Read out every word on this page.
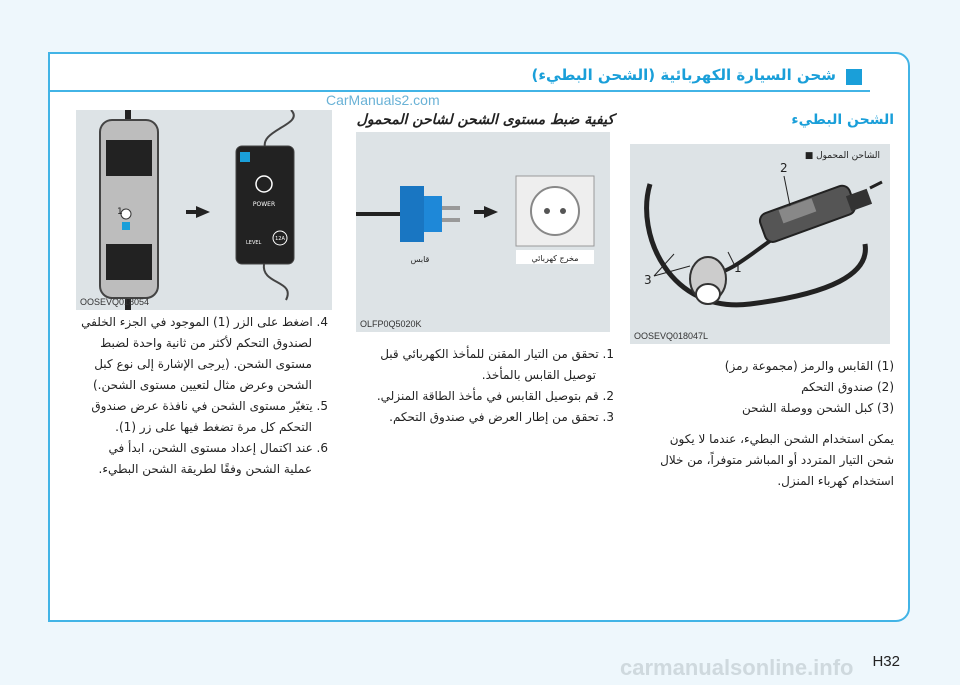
شحن السيارة الكهربائية (الشحن البطيء)
الشحن البطيء
■ الشاحن المحمول
2
1
3
OOSEVQ018047L

(1) القابس والرمز (مجموعة رمز)

(2) صندوق التحكم

(3) كبل الشحن ووصلة الشحن

يمكن استخدام الشحن البطيء، عندما لا يكون

شحن التيار المتردد أو المباشر متوفراً، من خلال

استخدام كهرباء المنزل.

كيفية ضبط مستوى الشحن لشاحن المحمول
مخرج كهربائي
قابس
OLFP0Q5020K

1. تحقق من التيار المقنن للمأخذ الكهربائي قبل

توصيل القابس بالمأخذ.

2. قم بتوصيل القابس في مأخذ الطاقة المنزلي.

3. تحقق من إطار العرض في صندوق التحكم.

1
POWER
LEVEL
12A
OOSEVQ018054

4. اضغط على الزر (1) الموجود في الجزء الخلفي

لصندوق التحكم لأكثر من ثانية واحدة لضبط

مستوى الشحن. (يرجى الإشارة إلى نوع كبل

الشحن وعرض مثال لتعيين مستوى الشحن.)

5. يتغيّر مستوى الشحن في نافذة عرض صندوق

التحكم كل مرة تضغط فيها على زر (1).

6. عند اكتمال إعداد مستوى الشحن، ابدأ في

عملية الشحن وفقًا لطريقة الشحن البطيء.

CarManuals2.com
H32
carmanualsonline.info
